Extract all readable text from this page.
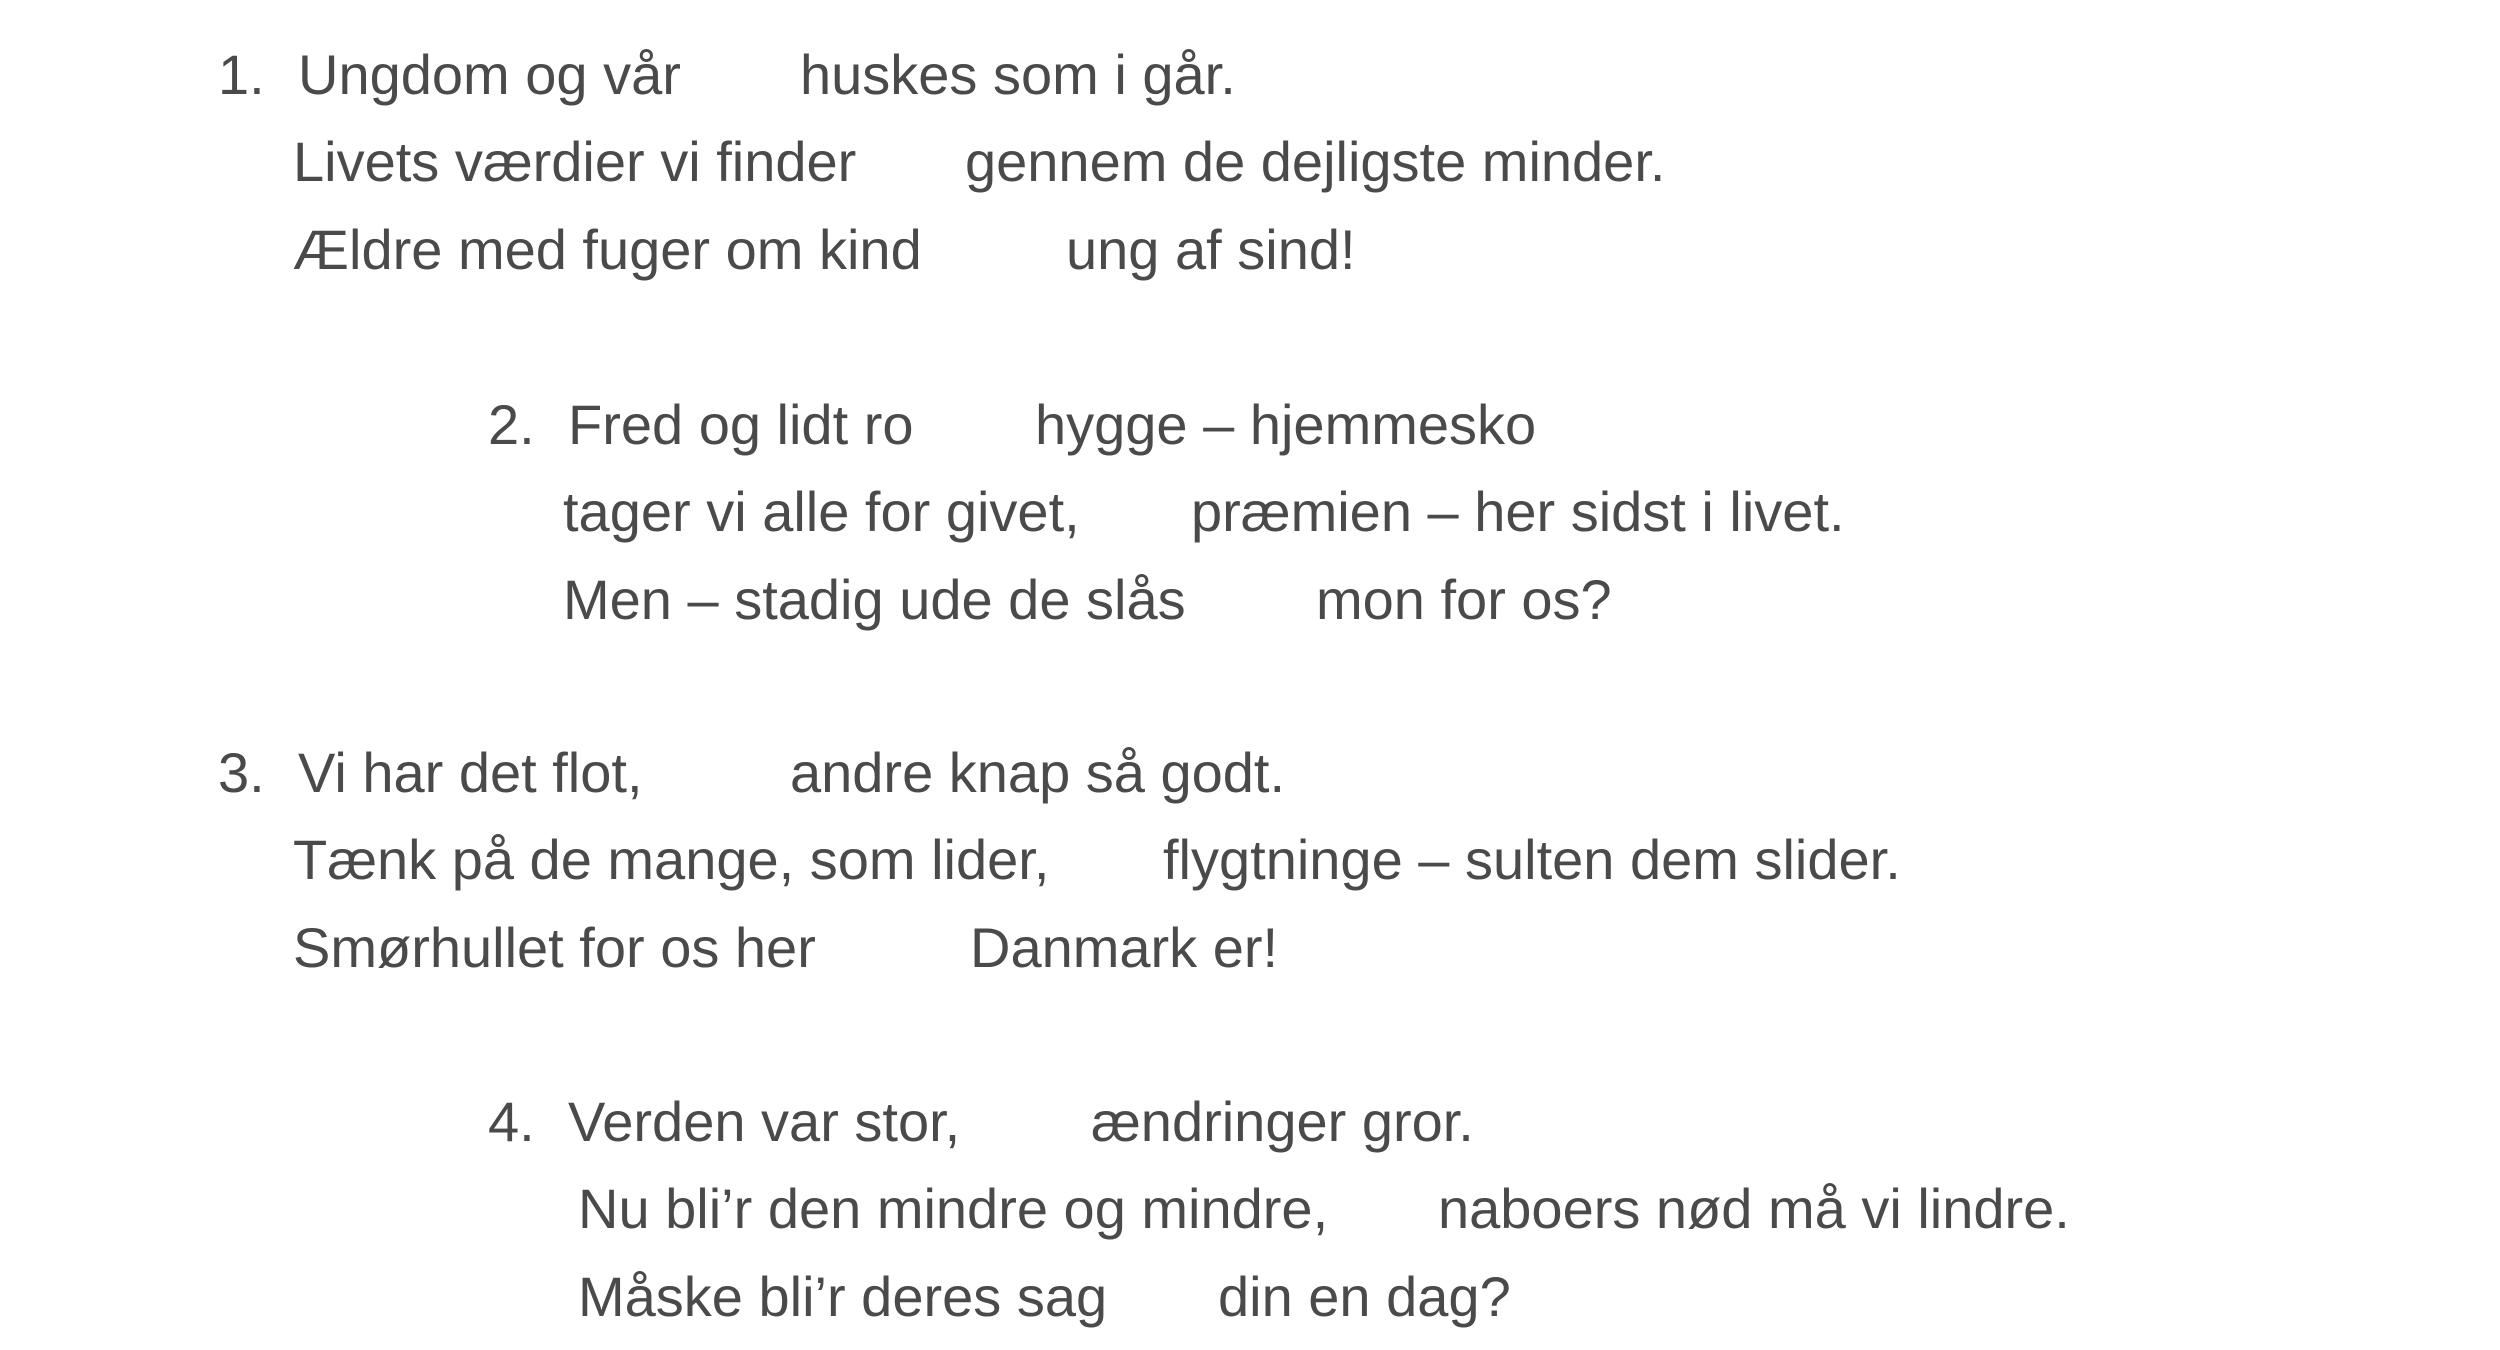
1. Ungdom og vår huskes som i går.
Livets værdier vi finder gennem de dejligste minder.
Ældre med fuger om kind	ung af sind!
2. Fred og lidt ro hygge – hjemmesko
tager vi alle for givet, præmien – her sidst i livet.
Men – stadig ude de slås mon for os?
3. Vi har det flot,	andre knap så godt.
Tænk på de mange, som lider, flygtninge – sulten dem slider.
Smørhullet for os her	Danmark er!
4. Verden var stor, ændringer gror.
Nu bli’r den mindre og mindre, naboers nød må vi lindre.
Måske bli’r deres sag din en dag?
